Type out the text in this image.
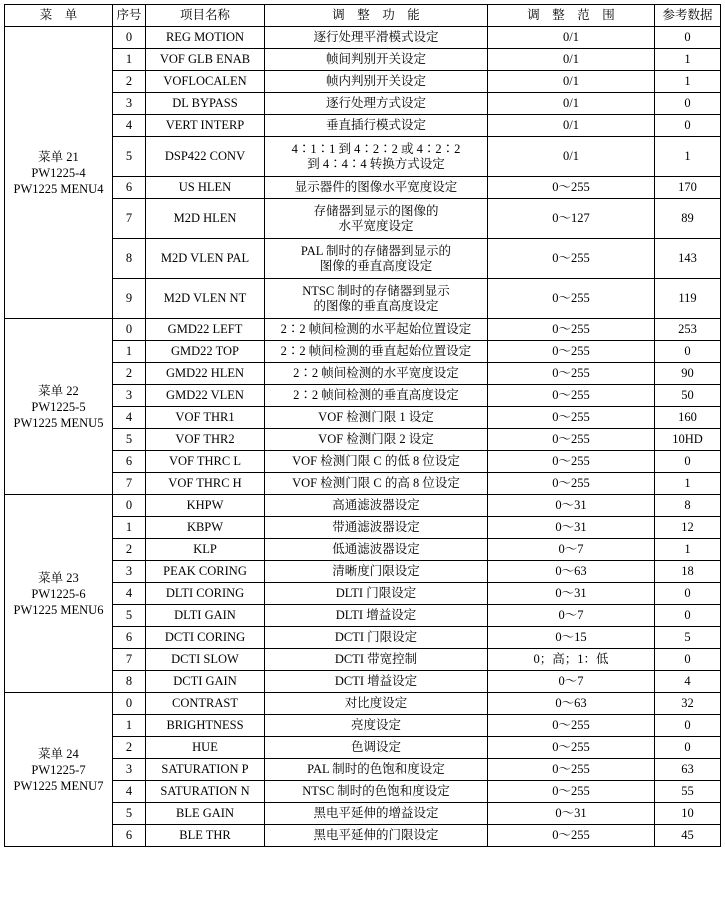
菜　单	序号	项目名称	调　整　功　能	调　整　范　围	参考数据
菜单 21
PW1225-4
PW1225 MENU4	0	REG MOTION	逐行处理平滑模式设定	0/1	0
	1	VOF GLB ENAB	帧间判别开关设定	0/1	1
	2	VOFLOCALEN	帧内判别开关设定	0/1	1
	3	DL BYPASS	逐行处理方式设定	0/1	0
	4	VERT INTERP	垂直插行模式设定	0/1	0
	5	DSP422 CONV	4∶1∶1 到 4∶2∶2 或 4∶2∶2
到 4∶4∶4 转换方式设定	0/1	1
	6	US HLEN	显示器件的图像水平宽度设定	0～255	170
	7	M2D HLEN	存储器到显示的图像的
水平宽度设定	0～127	89
	8	M2D VLEN PAL	PAL 制时的存储器到显示的
图像的垂直高度设定	0～255	143
	9	M2D VLEN NT	NTSC 制时的存储器到显示
的图像的垂直高度设定	0～255	119
菜单 22
PW1225-5
PW1225 MENU5	0	GMD22 LEFT	2∶2 帧间检测的水平起始位置设定	0～255	253
	1	GMD22 TOP	2∶2 帧间检测的垂直起始位置设定	0～255	0
	2	GMD22 HLEN	2∶2 帧间检测的水平宽度设定	0～255	90
	3	GMD22 VLEN	2∶2 帧间检测的垂直高度设定	0～255	50
	4	VOF THR1	VOF 检测门限 1 设定	0～255	160
	5	VOF THR2	VOF 检测门限 2 设定	0～255	10HD
	6	VOF THRC L	VOF 检测门限 C 的低 8 位设定	0～255	0
	7	VOF THRC H	VOF 检测门限 C 的高 8 位设定	0～255	1
菜单 23
PW1225-6
PW1225 MENU6	0	KHPW	高通滤波器设定	0～31	8
	1	KBPW	带通滤波器设定	0～31	12
	2	KLP	低通滤波器设定	0～7	1
	3	PEAK CORING	清晰度门限设定	0～63	18
	4	DLTI CORING	DLTI 门限设定	0～31	0
	5	DLTI GAIN	DLTI 增益设定	0～7	0
	6	DCTI CORING	DCTI 门限设定	0～15	5
	7	DCTI SLOW	DCTI 带宽控制	0；高；1：低	0
	8	DCTI GAIN	DCTI 增益设定	0～7	4
菜单 24
PW1225-7
PW1225 MENU7	0	CONTRAST	对比度设定	0～63	32
	1	BRIGHTNESS	亮度设定	0～255	0
	2	HUE	色调设定	0～255	0
	3	SATURATION P	PAL 制时的色饱和度设定	0～255	63
	4	SATURATION N	NTSC 制时的色饱和度设定	0～255	55
	5	BLE GAIN	黑电平延伸的增益设定	0～31	10
	6	BLE THR	黑电平延伸的门限设定	0～255	45
